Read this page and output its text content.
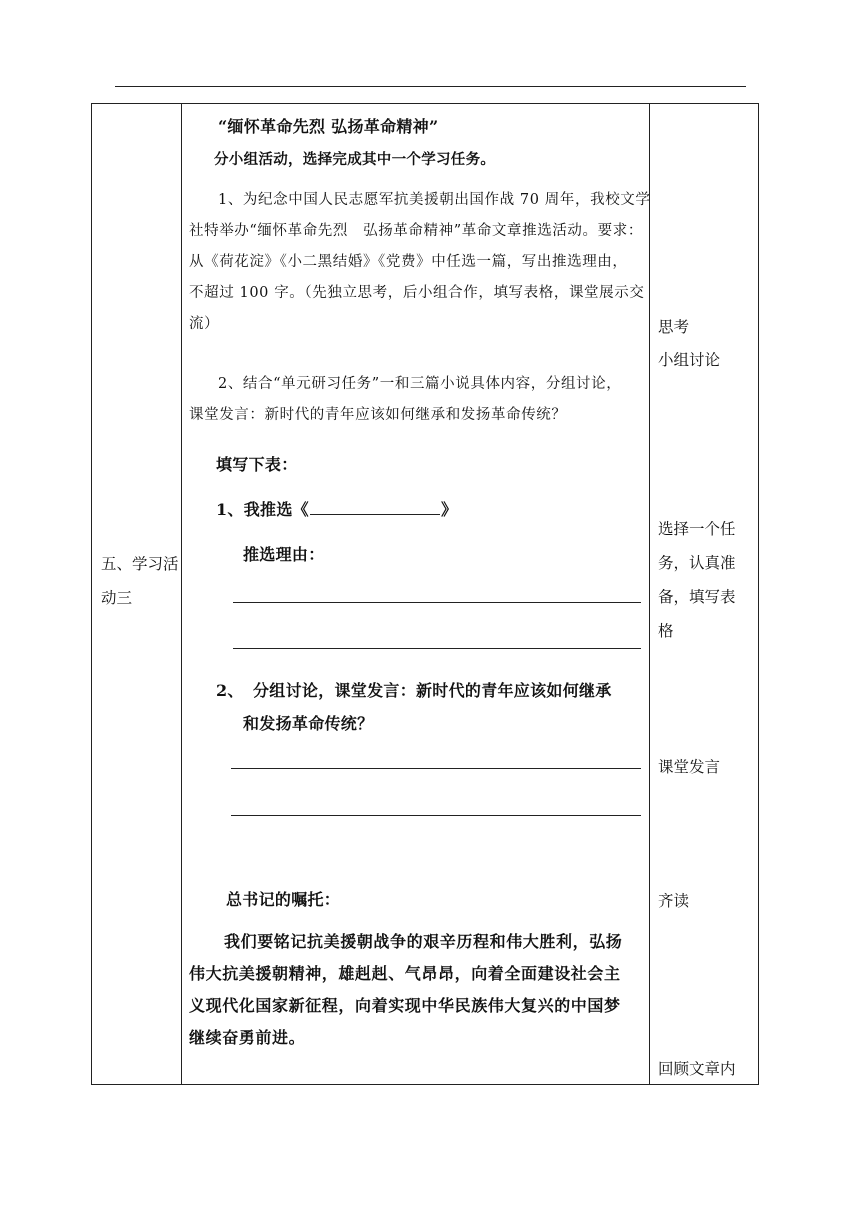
五、学习活
动三
“缅怀革命先烈 弘扬革命精神”
分小组活动，选择完成其中一个学习任务。
1、为纪念中国人民志愿军抗美援朝出国作战 70 周年，我校文学
社特举办“缅怀革命先烈　弘扬革命精神”革命文章推选活动。要求：
从《荷花淀》《小二黑结婚》《党费》中任选一篇，写出推选理由，
不超过 100 字。（先独立思考，后小组合作，填写表格，课堂展示交
流）
2、结合“单元研习任务”一和三篇小说具体内容，分组讨论，
课堂发言：新时代的青年应该如何继承和发扬革命传统？
填写下表：
1、我推选《	》
推选理由：
2、 分组讨论，课堂发言：新时代的青年应该如何继承
和发扬革命传统？
总书记的嘱托：
我们要铭记抗美援朝战争的艰辛历程和伟大胜利，弘扬
伟大抗美援朝精神，雄赳赳、气昂昂，向着全面建设社会主
义现代化国家新征程，向着实现中华民族伟大复兴的中国梦
继续奋勇前进。
思考
小组讨论
选择一个任
务，认真准
备，填写表
格
课堂发言
齐读
回顾文章内
